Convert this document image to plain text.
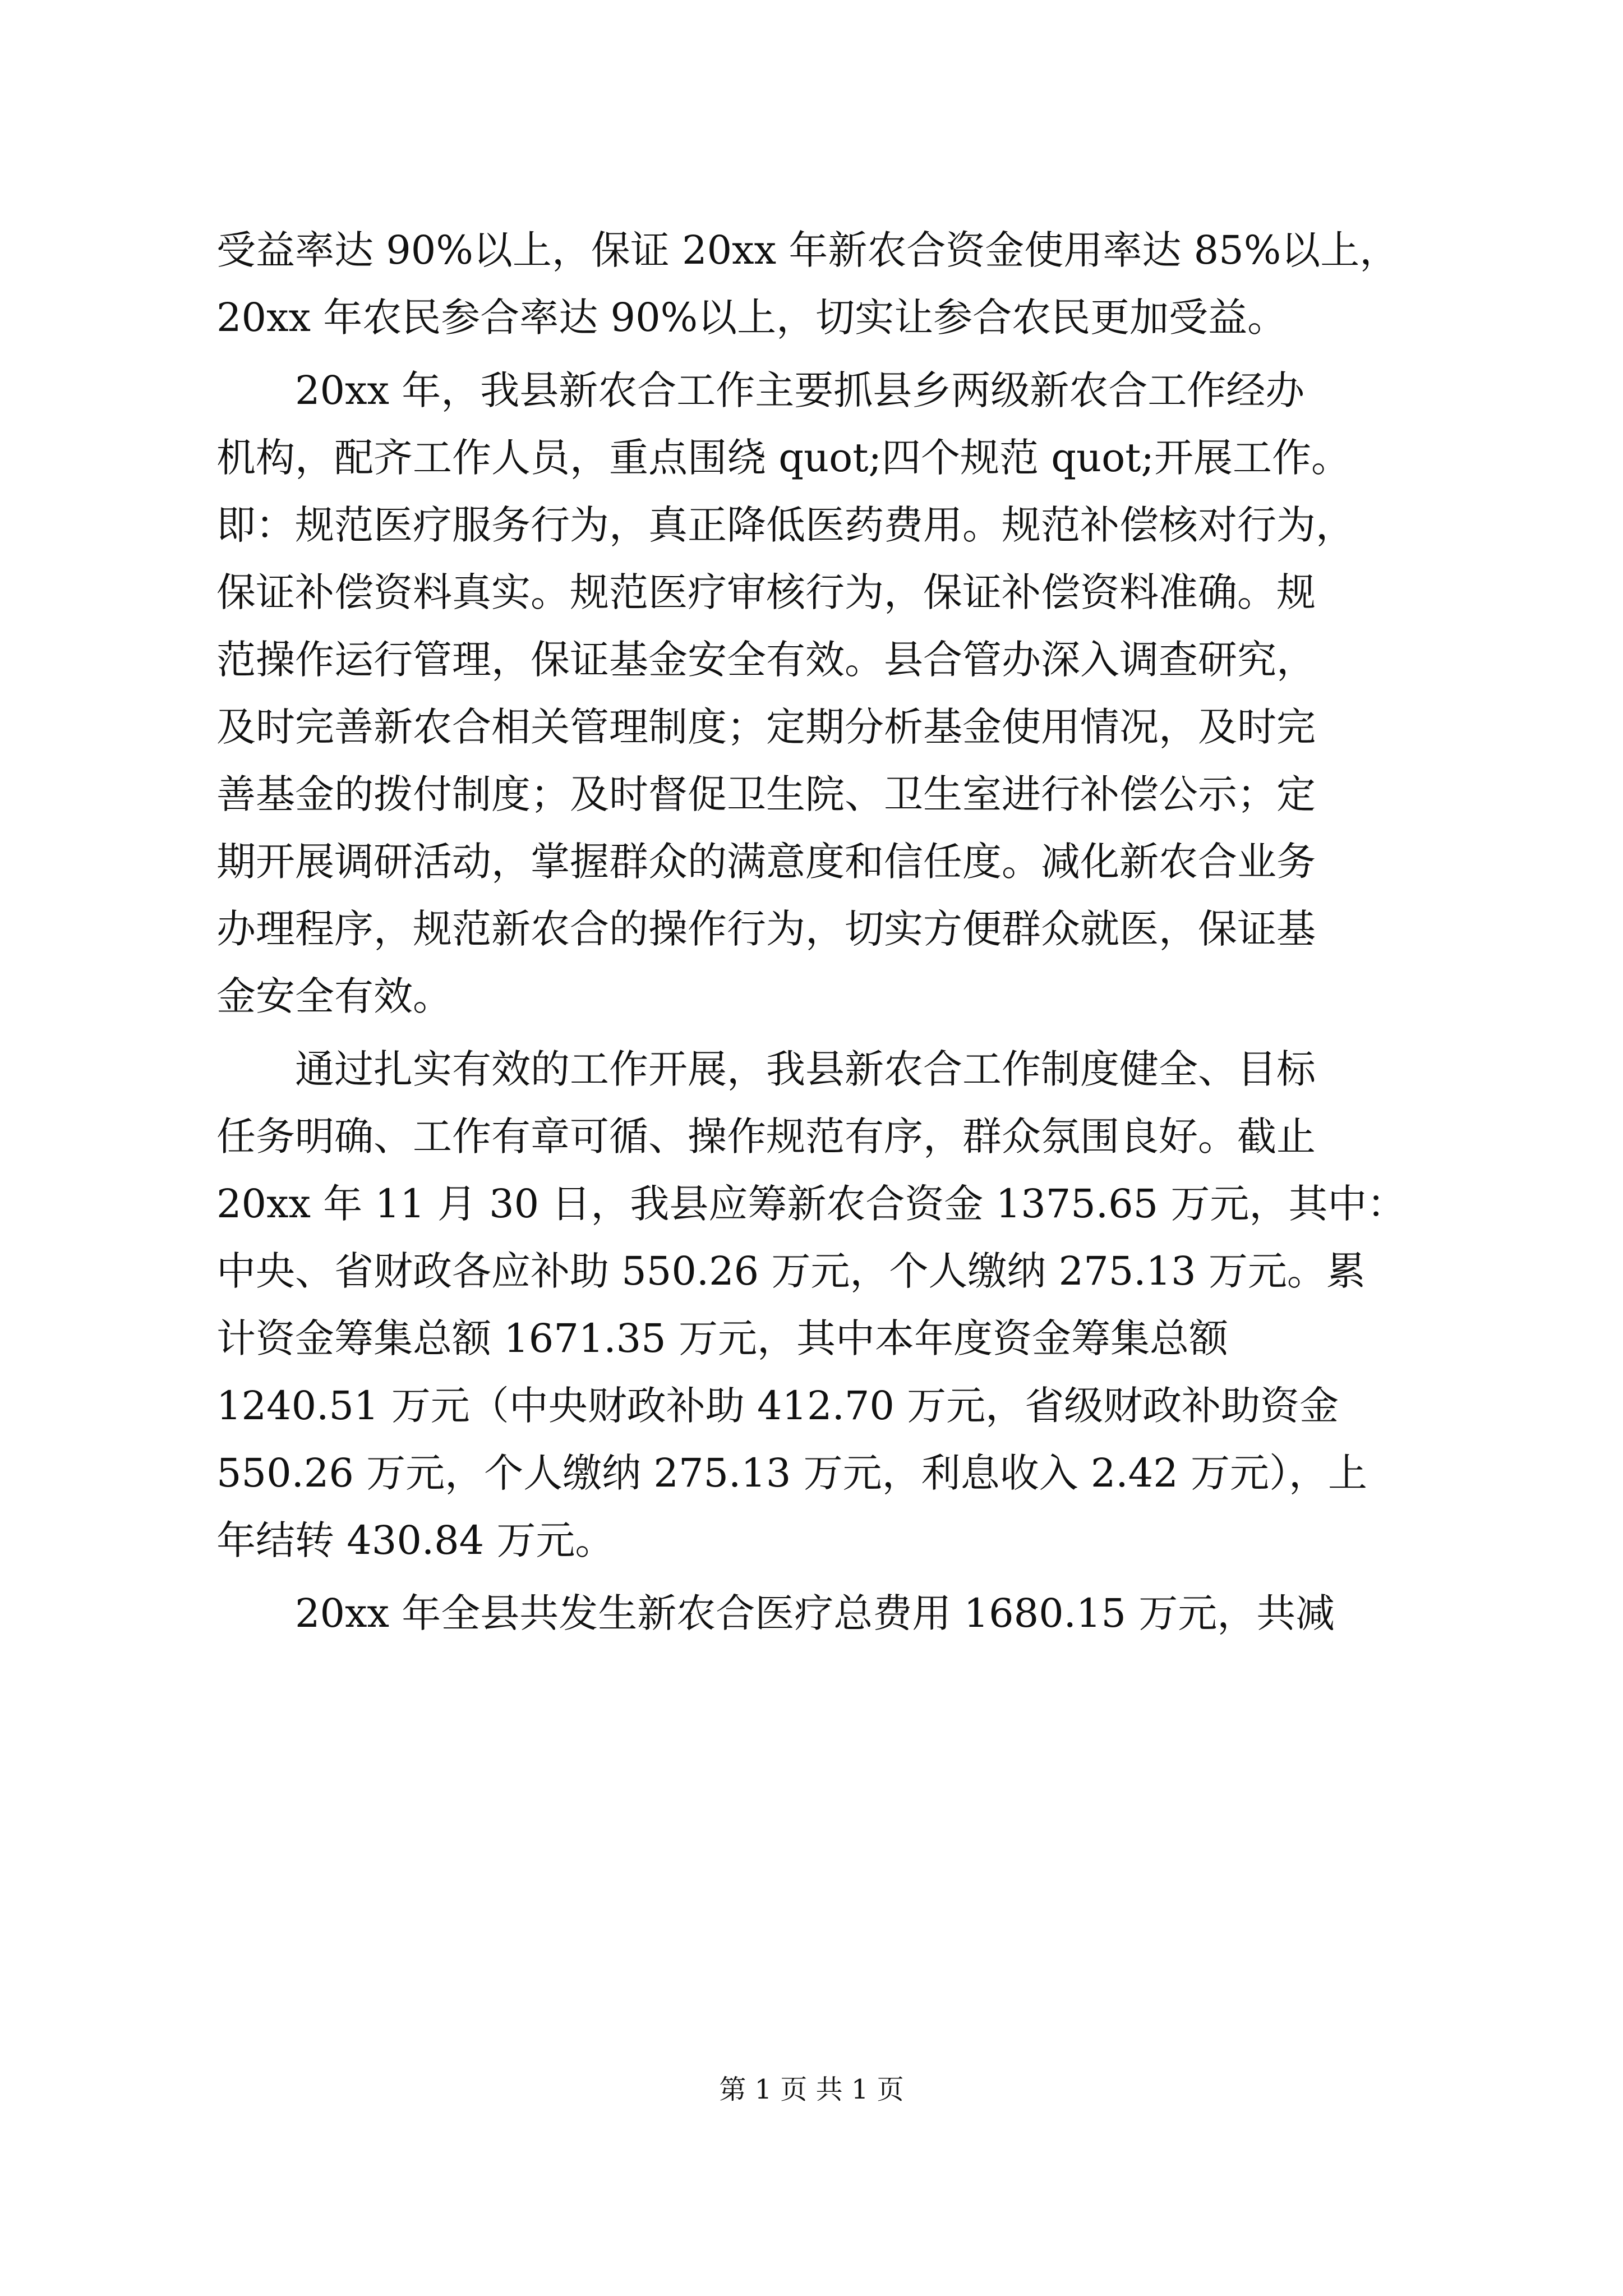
受益率达 90%以上，保证 20xx 年新农合资金使用率达 85%以上，
20xx 年农民参合率达 90%以上，切实让参合农民更加受益。
20xx 年，我县新农合工作主要抓县乡两级新农合工作经办
机构，配齐工作人员，重点围绕 quot;四个规范 quot;开展工作。
即：规范医疗服务行为，真正降低医药费用。规范补偿核对行为，
保证补偿资料真实。规范医疗审核行为，保证补偿资料准确。规
范操作运行管理，保证基金安全有效。县合管办深入调查研究，
及时完善新农合相关管理制度；定期分析基金使用情况，及时完
善基金的拨付制度；及时督促卫生院、卫生室进行补偿公示；定
期开展调研活动，掌握群众的满意度和信任度。减化新农合业务
办理程序，规范新农合的操作行为，切实方便群众就医，保证基
金安全有效。
通过扎实有效的工作开展，我县新农合工作制度健全、目标
任务明确、工作有章可循、操作规范有序，群众氛围良好。截止
20xx 年 11 月 30 日，我县应筹新农合资金 1375.65 万元，其中：
中央、省财政各应补助 550.26 万元，个人缴纳 275.13 万元。累
计资金筹集总额 1671.35 万元，其中本年度资金筹集总额
1240.51 万元（中央财政补助 412.70 万元，省级财政补助资金
550.26 万元，个人缴纳 275.13 万元，利息收入 2.42 万元），上
年结转 430.84 万元。
20xx 年全县共发生新农合医疗总费用 1680.15 万元，共减
第 1 页 共 1 页
